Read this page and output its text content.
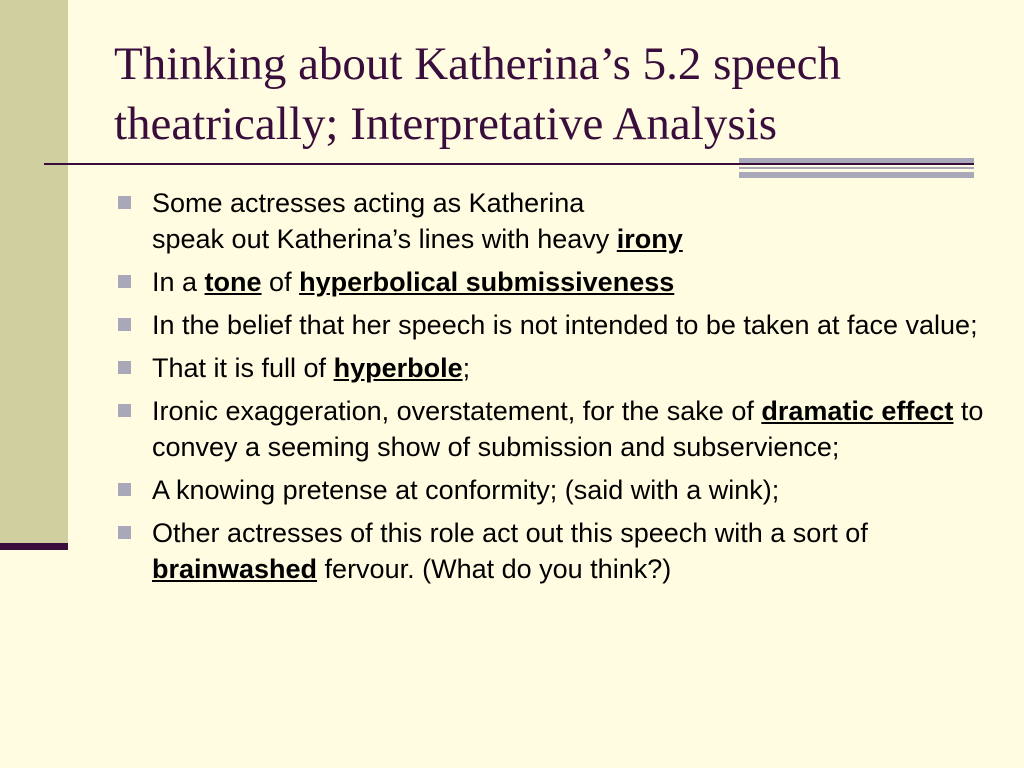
Thinking about Katherina’s 5.2 speech
theatrically; Interpretative Analysis
Some actresses acting as Katherina
speak out Katherina’s lines with heavy irony
In a tone of hyperbolical submissiveness
In the belief that her speech is not intended to be taken at face value;
That it is full of hyperbole;
Ironic exaggeration, overstatement, for the sake of dramatic effect to convey a seeming show of submission and subservience;
A knowing pretense at conformity; (said with a wink);
Other actresses of this role act out this speech with a sort of brainwashed fervour. (What do you think?)
